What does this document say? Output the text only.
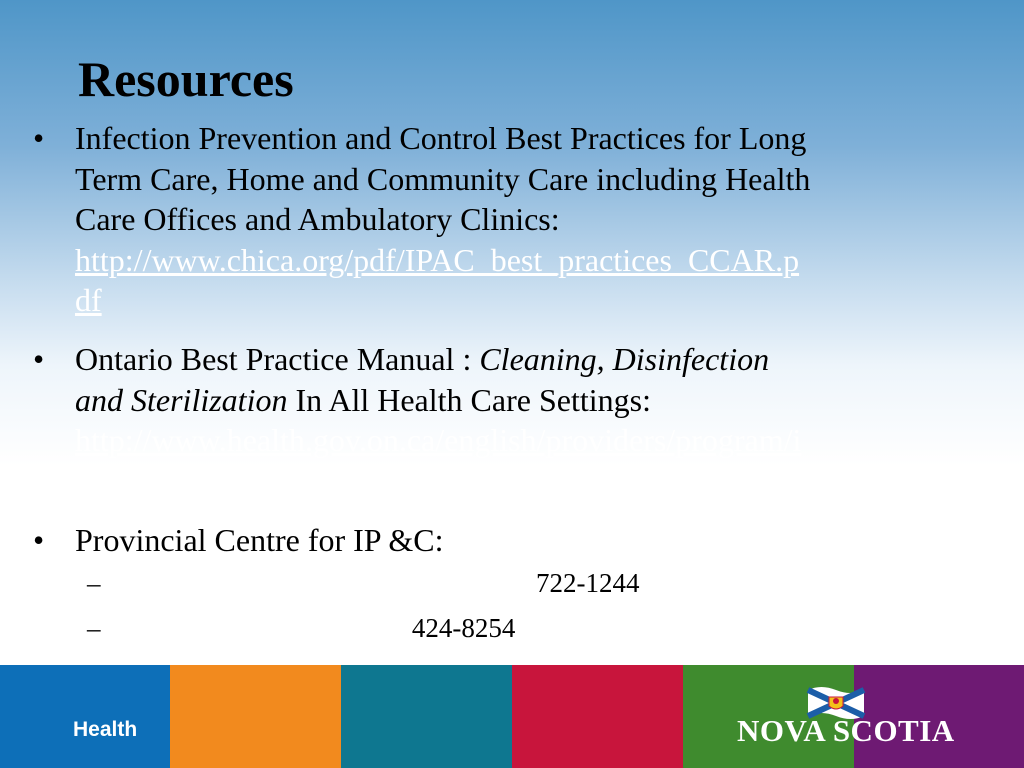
Resources
• Infection Prevention and Control Best Practices for Long
Term Care, Home and Community Care including Health
Care Offices and Ambulatory Clinics:
http://www.chica.org/pdf/IPAC_best_practices_CCAR.p
df
• Ontario Best Practice Manual : Cleaning, Disinfection
and Sterilization In All Health Care Settings:
http://www.health.gov.on.ca/english/providers/program/i
nfectious/diseases/ic_cds.html
• Provincial Centre for IP &C:
– Suzanne.Rhodenizer-Rose@gov.ns.ca 722-1244
– Patsy.Rawding@gov.ns.ca 424-8254
Health	NOVA SCOTIA
